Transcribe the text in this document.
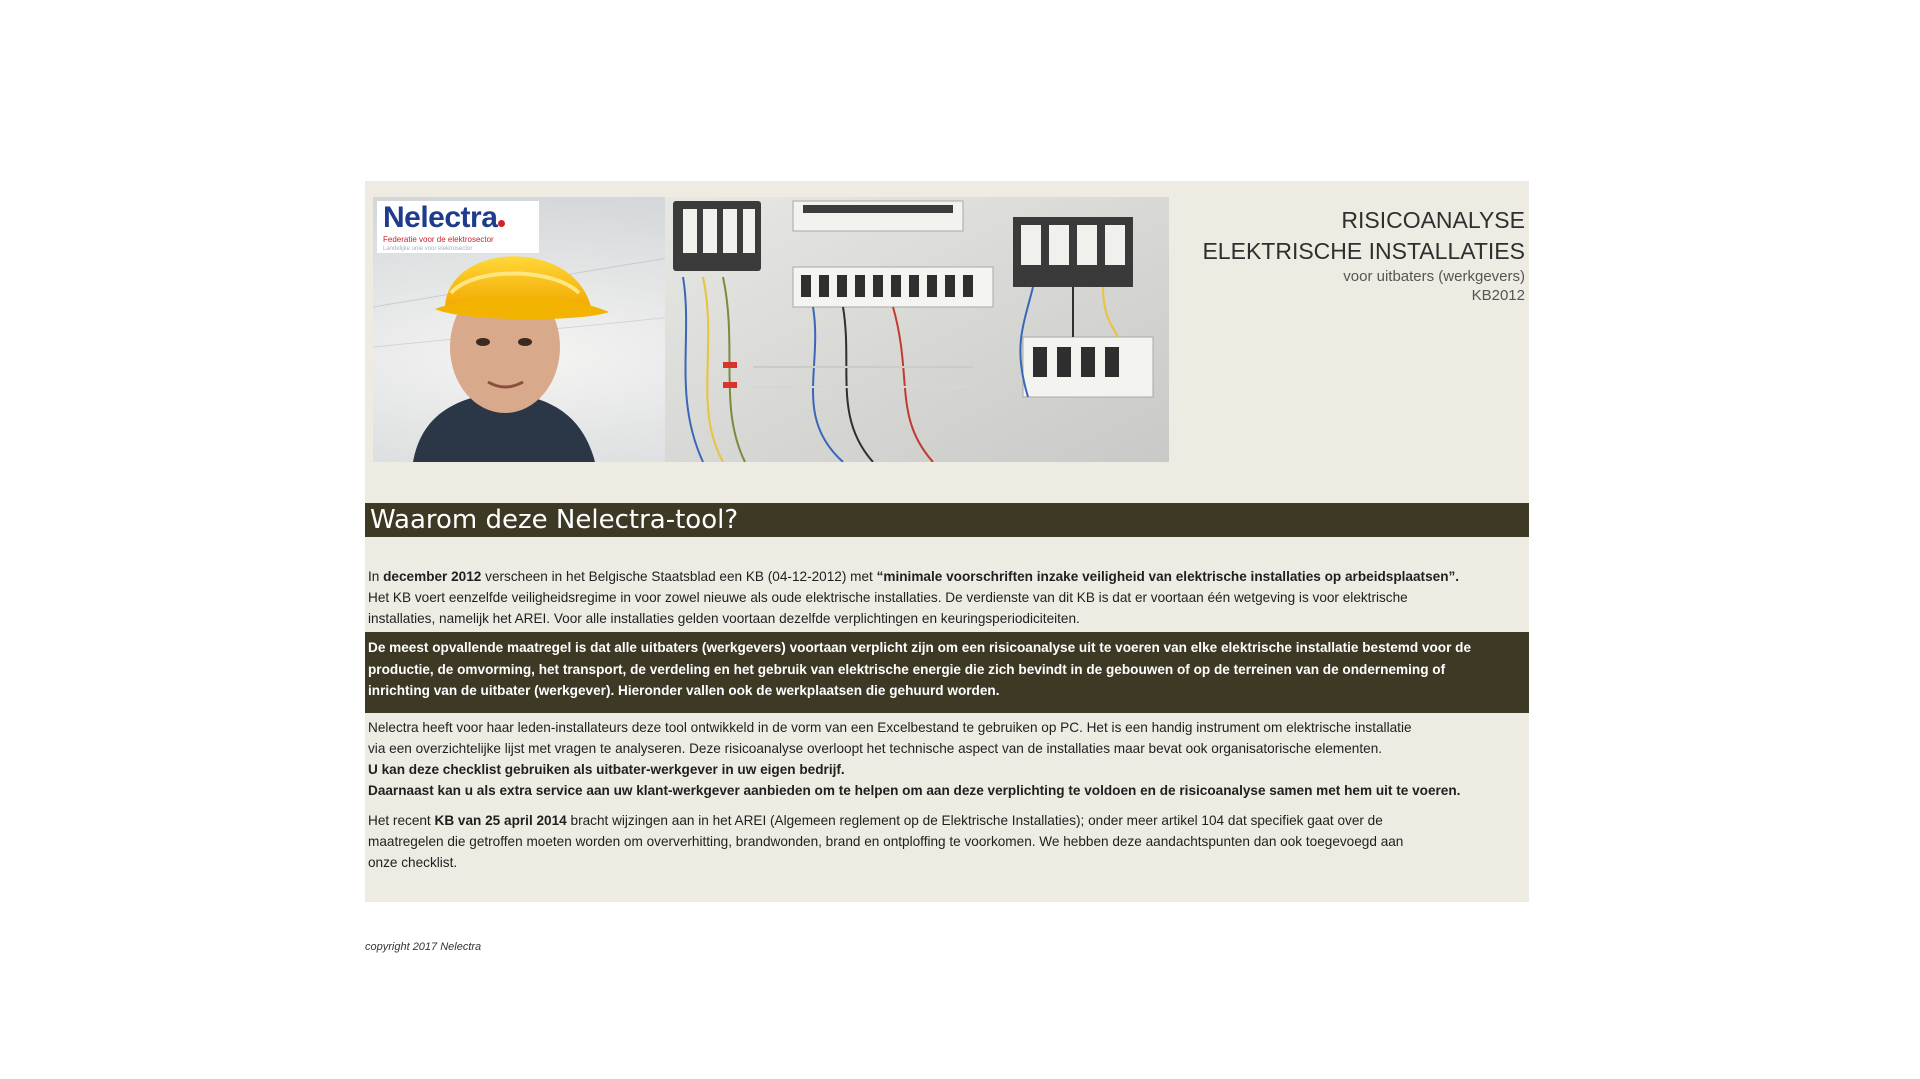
Nelectra
Federatie voor de elektrosector
Landelijke unie voor elektrosector
RISICOANALYSE
ELEKTRISCHE INSTALLATIES
voor uitbaters (werkgevers)
KB2012
Waarom deze Nelectra-tool?
In december 2012 verscheen in het Belgische Staatsblad een KB (04-12-2012) met “minimale voorschriften inzake veiligheid van elektrische installaties op arbeidsplaatsen”.
Het KB voert eenzelfde veiligheidsregime in voor zowel nieuwe als oude elektrische installaties. De verdienste van dit KB is dat er voortaan één wetgeving is voor elektrische
installaties, namelijk het AREI. Voor alle installaties gelden voortaan dezelfde verplichtingen en keuringsperiodiciteiten.
De meest opvallende maatregel is dat alle uitbaters (werkgevers) voortaan verplicht zijn om een risicoanalyse uit te voeren van elke elektrische installatie bestemd voor de
productie, de omvorming, het transport, de verdeling en het gebruik van elektrische energie die zich bevindt in de gebouwen of op de terreinen van de onderneming of
inrichting van de uitbater (werkgever). Hieronder vallen ook de werkplaatsen die gehuurd worden.
Nelectra heeft voor haar leden-installateurs deze tool ontwikkeld in de vorm van een Excelbestand te gebruiken op PC. Het is een handig instrument om elektrische installatie
via een overzichtelijke lijst met vragen te analyseren. Deze risicoanalyse overloopt het technische aspect van de installaties maar bevat ook organisatorische elementen.
U kan deze checklist gebruiken als uitbater-werkgever in uw eigen bedrijf.
Daarnaast kan u als extra service aan uw klant-werkgever aanbieden om te helpen om aan deze verplichting te voldoen en de risicoanalyse samen met hem uit te voeren.
Het recent KB van 25 april 2014 bracht wijzingen aan in het AREI (Algemeen reglement op de Elektrische Installaties); onder meer artikel 104 dat specifiek gaat over de
maatregelen die getroffen moeten worden om oververhitting, brandwonden, brand en ontploffing te voorkomen. We hebben deze aandachtspunten dan ook toegevoegd aan
onze checklist.
copyright 2017 Nelectra
